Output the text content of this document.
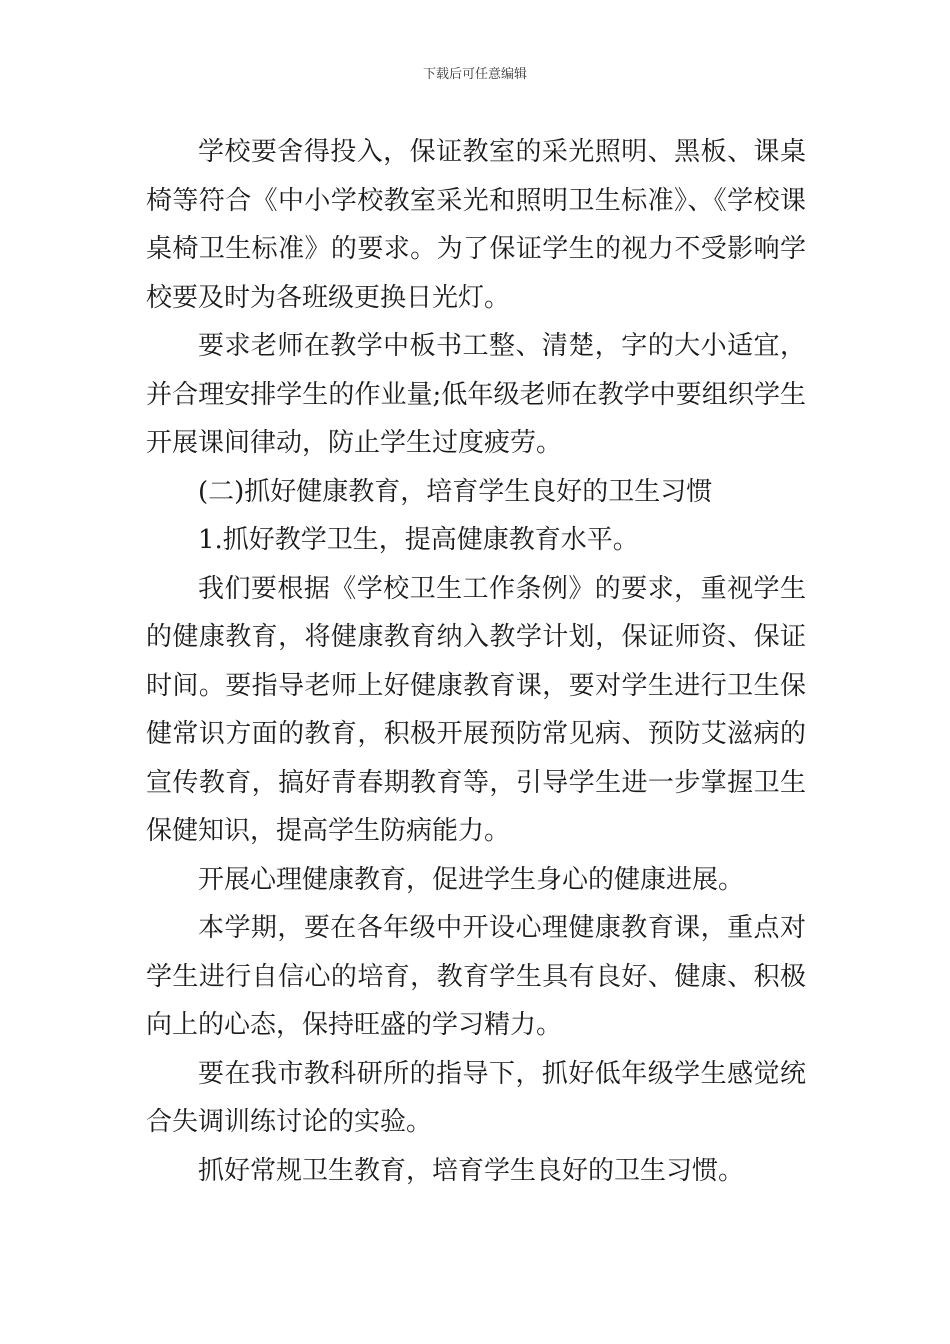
下载后可任意编辑

学校要舍得投入，保证教室的采光照明、黑板、课桌椅等符合《中小学校教室采光和照明卫生标准》、《学校课桌椅卫生标准》的要求。为了保证学生的视力不受影响学校要及时为各班级更换日光灯。

要求老师在教学中板书工整、清楚，字的大小适宜，并合理安排学生的作业量;低年级老师在教学中要组织学生开展课间律动，防止学生过度疲劳。

(二)抓好健康教育，培育学生良好的卫生习惯

1.抓好教学卫生，提高健康教育水平。

我们要根据《学校卫生工作条例》的要求，重视学生的健康教育，将健康教育纳入教学计划，保证师资、保证时间。要指导老师上好健康教育课，要对学生进行卫生保健常识方面的教育，积极开展预防常见病、预防艾滋病的宣传教育，搞好青春期教育等，引导学生进一步掌握卫生保健知识，提高学生防病能力。

开展心理健康教育，促进学生身心的健康进展。

本学期，要在各年级中开设心理健康教育课，重点对学生进行自信心的培育，教育学生具有良好、健康、积极向上的心态，保持旺盛的学习精力。

要在我市教科研所的指导下，抓好低年级学生感觉统合失调训练讨论的实验。

抓好常规卫生教育，培育学生良好的卫生习惯。
